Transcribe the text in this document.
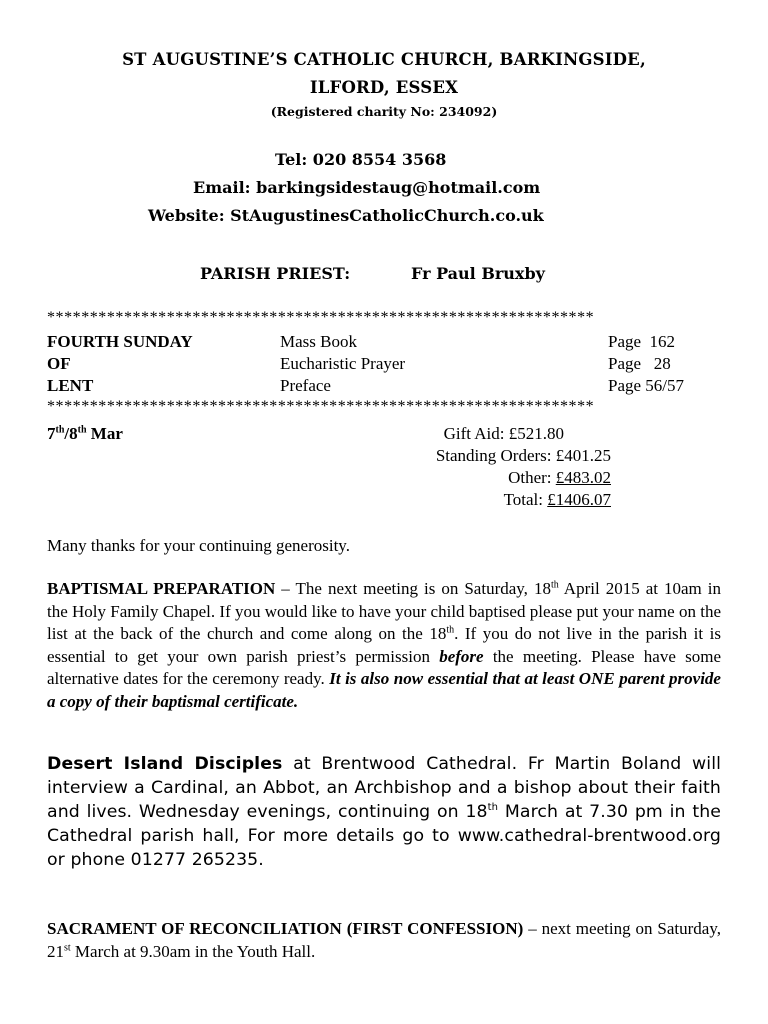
ST AUGUSTINE’S CATHOLIC CHURCH, BARKINGSIDE,
ILFORD, ESSEX
(Registered charity No: 234092)
Tel: 020 8554 3568
Email: barkingsidestaug@hotmail.com
Website: StAugustinesCatholicChurch.co.uk
PARISH PRIEST:	Fr Paul Bruxby
****************************************************************
FOURTH SUNDAY	Mass Book	Page  162
OF	Eucharistic Prayer	Page   28
LENT	Preface	Page 56/57
****************************************************************
7th/8th Mar	Gift Aid: £521.80
Standing Orders: £401.25
Other: £483.02
Total: £1406.07
Many thanks for your continuing generosity.
BAPTISMAL PREPARATION – The next meeting is on Saturday, 18th April 2015 at 10am in the Holy Family Chapel. If you would like to have your child baptised please put your name on the list at the back of the church and come along on the 18th. If you do not live in the parish it is essential to get your own parish priest’s permission before the meeting. Please have some alternative dates for the ceremony ready. It is also now essential that at least ONE parent provide a copy of their baptismal certificate.
Desert Island Disciples at Brentwood Cathedral. Fr Martin Boland will interview a Cardinal, an Abbot, an Archbishop and a bishop about their faith and lives. Wednesday evenings, continuing on 18th March at 7.30 pm in the Cathedral parish hall, For more details go to www.cathedral-brentwood.org or phone 01277 265235.
SACRAMENT OF RECONCILIATION (FIRST CONFESSION) – next meeting on Saturday, 21st March at 9.30am in the Youth Hall.
